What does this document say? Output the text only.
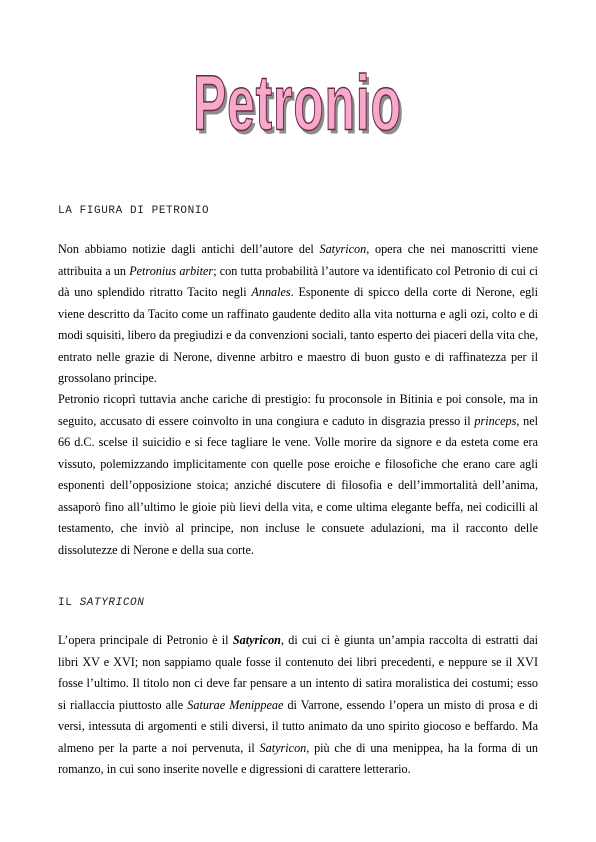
Petronio
LA FIGURA DI PETRONIO

Non abbiamo notizie dagli antichi dell’autore del Satyricon, opera che nei manoscritti viene attribuita a un Petronius arbiter; con tutta probabilità l’autore va identificato col Petronio di cui ci dà uno splendido ritratto Tacito negli Annales. Esponente di spicco della corte di Nerone, egli viene descritto da Tacito come un raffinato gaudente dedito alla vita notturna e agli ozi, colto e di modi squisiti, libero da pregiudizi e da convenzioni sociali, tanto esperto dei piaceri della vita che, entrato nelle grazie di Nerone, divenne arbitro e maestro di buon gusto e di raffinatezza per il grossolano principe.

Petronio ricoprì tuttavia anche cariche di prestigio: fu proconsole in Bitinia e poi console, ma in seguito, accusato di essere coinvolto in una congiura e caduto in disgrazia presso il princeps, nel 66 d.C. scelse il suicidio e si fece tagliare le vene. Volle morire da signore e da esteta come era vissuto, polemizzando implicitamente con quelle pose eroiche e filosofiche che erano care agli esponenti dell’opposizione stoica; anziché discutere di filosofia e dell’immortalità dell’anima, assaporò fino all’ultimo le gioie più lievi della vita, e come ultima elegante beffa, nei codicilli al testamento, che inviò al principe, non incluse le consuete adulazioni, ma il racconto delle dissolutezze di Nerone e della sua corte.

IL SATYRICON

L’opera principale di Petronio è il Satyricon, di cui ci è giunta un’ampia raccolta di estratti dai libri XV e XVI; non sappiamo quale fosse il contenuto dei libri precedenti, e neppure se il XVI fosse l’ultimo. Il titolo non ci deve far pensare a un intento di satira moralistica dei costumi; esso si riallaccia piuttosto alle Saturae Menippeae di Varrone, essendo l’opera un misto di prosa e di versi, intessuta di argomenti e stili diversi, il tutto animato da uno spirito giocoso e beffardo. Ma almeno per la parte a noi pervenuta, il Satyricon, più che di una menippea, ha la forma di un romanzo, in cui sono inserite novelle e digressioni di carattere letterario.
